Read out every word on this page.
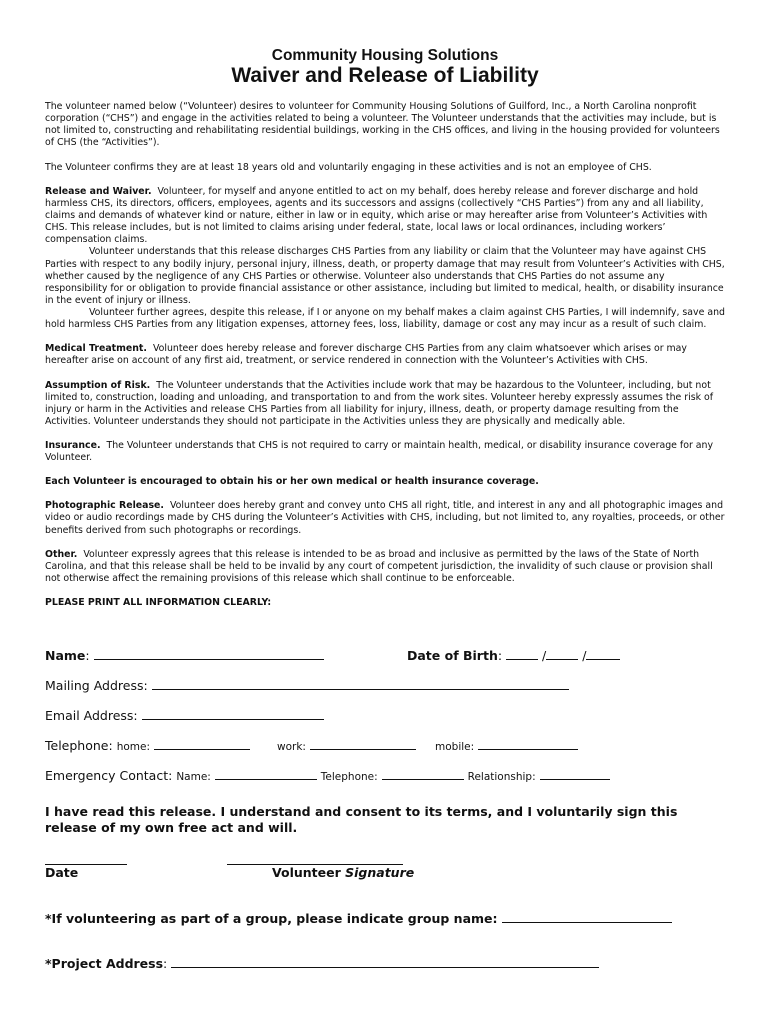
Community Housing Solutions
Waiver and Release of Liability

The volunteer named below (“Volunteer) desires to volunteer for Community Housing Solutions of Guilford, Inc., a North Carolina nonprofit corporation (“CHS”) and engage in the activities related to being a volunteer. The Volunteer understands that the activities may include, but is not limited to, constructing and rehabilitating residential buildings, working in the CHS offices, and living in the housing provided for volunteers of CHS (the “Activities”).

The Volunteer confirms they are at least 18 years old and voluntarily engaging in these activities and is not an employee of CHS.

Release and Waiver. Volunteer, for myself and anyone entitled to act on my behalf, does hereby release and forever discharge and hold harmless CHS, its directors, officers, employees, agents and its successors and assigns (collectively “CHS Parties”) from any and all liability, claims and demands of whatever kind or nature, either in law or in equity, which arise or may hereafter arise from Volunteer’s Activities with CHS. This release includes, but is not limited to claims arising under federal, state, local laws or local ordinances, including workers’ compensation claims.
Volunteer understands that this release discharges CHS Parties from any liability or claim that the Volunteer may have against CHS Parties with respect to any bodily injury, personal injury, illness, death, or property damage that may result from Volunteer’s Activities with CHS, whether caused by the negligence of any CHS Parties or otherwise. Volunteer also understands that CHS Parties do not assume any responsibility for or obligation to provide financial assistance or other assistance, including but limited to medical, health, or disability insurance in the event of injury or illness.
Volunteer further agrees, despite this release, if I or anyone on my behalf makes a claim against CHS Parties, I will indemnify, save and hold harmless CHS Parties from any litigation expenses, attorney fees, loss, liability, damage or cost any may incur as a result of such claim.

Medical Treatment. Volunteer does hereby release and forever discharge CHS Parties from any claim whatsoever which arises or may hereafter arise on account of any first aid, treatment, or service rendered in connection with the Volunteer’s Activities with CHS.

Assumption of Risk. The Volunteer understands that the Activities include work that may be hazardous to the Volunteer, including, but not limited to, construction, loading and unloading, and transportation to and from the work sites. Volunteer hereby expressly assumes the risk of injury or harm in the Activities and release CHS Parties from all liability for injury, illness, death, or property damage resulting from the Activities. Volunteer understands they should not participate in the Activities unless they are physically and medically able.

Insurance. The Volunteer understands that CHS is not required to carry or maintain health, medical, or disability insurance coverage for any Volunteer.

Each Volunteer is encouraged to obtain his or her own medical or health insurance coverage.

Photographic Release. Volunteer does hereby grant and convey unto CHS all right, title, and interest in any and all photographic images and video or audio recordings made by CHS during the Volunteer’s Activities with CHS, including, but not limited to, any royalties, proceeds, or other benefits derived from such photographs or recordings.

Other. Volunteer expressly agrees that this release is intended to be as broad and inclusive as permitted by the laws of the State of North Carolina, and that this release shall be held to be invalid by any court of competent jurisdiction, the invalidity of such clause or provision shall not otherwise affect the remaining provisions of this release which shall continue to be enforceable.

PLEASE PRINT ALL INFORMATION CLEARLY:

Name:	Date of Birth:	/	/
Mailing Address:
Email Address:
Telephone: home:	work:	mobile:
Emergency Contact: Name:	Telephone:	Relationship:
I have read this release. I understand and consent to its terms, and I voluntarily sign this release of my own free act and will.
Date	Volunteer Signature
*If volunteering as part of a group, please indicate group name:
*Project Address:
